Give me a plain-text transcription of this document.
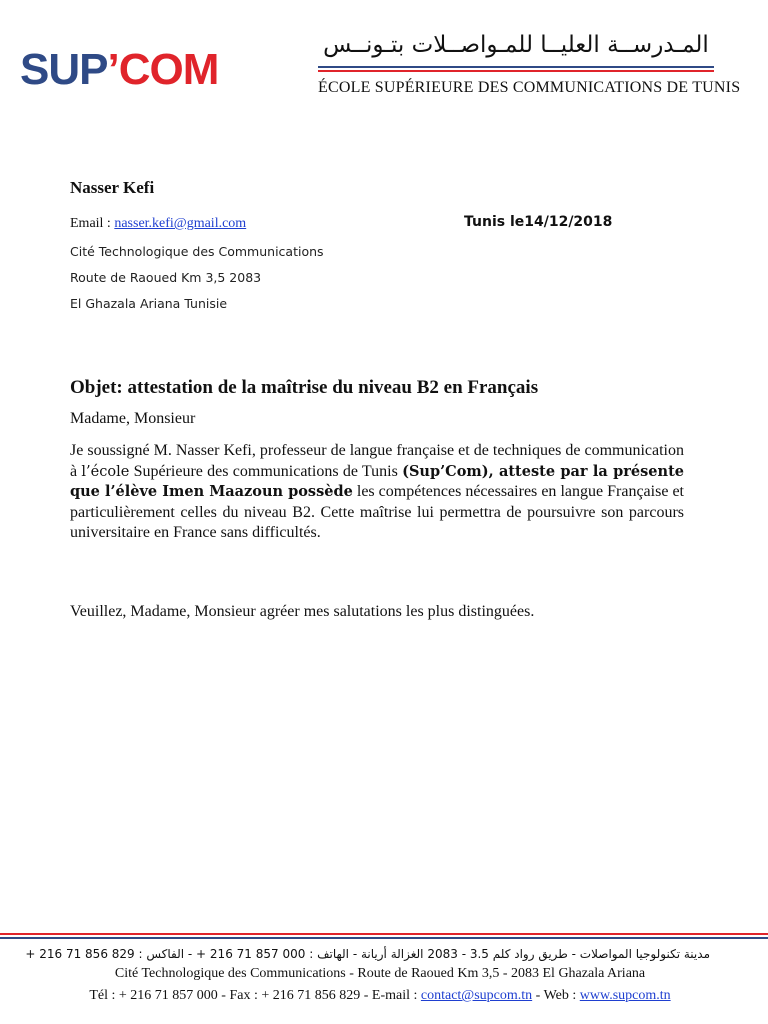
SUP’COM	المـدرســة العليــا للمـواصــلات بتـونــس
ÉCOLE SUPÉRIEURE DES COMMUNICATIONS DE TUNIS
Nasser Kefi
Email : nasser.kefi@gmail.com	Tunis le14/12/2018
Cité Technologique des Communications
Route de Raoued Km 3,5 2083
El Ghazala Ariana Tunisie
Objet: attestation de la maîtrise du niveau B2 en Français
Madame, Monsieur

Je soussigné M. Nasser Kefi, professeur de langue française et de techniques de communication à l’école Supérieure des communications de Tunis (Sup’Com), atteste par la présente que l’élève Imen Maazoun possède les compétences nécessaires en langue Française et particulièrement celles du niveau B2. Cette maîtrise lui permettra de poursuivre son parcours universitaire en France sans difficultés.

Veuillez, Madame, Monsieur agréer mes salutations les plus distinguées.
مدينة تكنولوجيا المواصلات - طريق رواد كلم 3.5 - 2083 الغزالة أريانة - الهاتف : 000 857 71 216 + - الفاكس : 829 856 71 216 +
Cité Technologique des Communications - Route de Raoued Km 3,5 - 2083 El Ghazala Ariana
Tél : + 216 71 857 000 - Fax : + 216 71 856 829 - E-mail : contact@supcom.tn - Web : www.supcom.tn
